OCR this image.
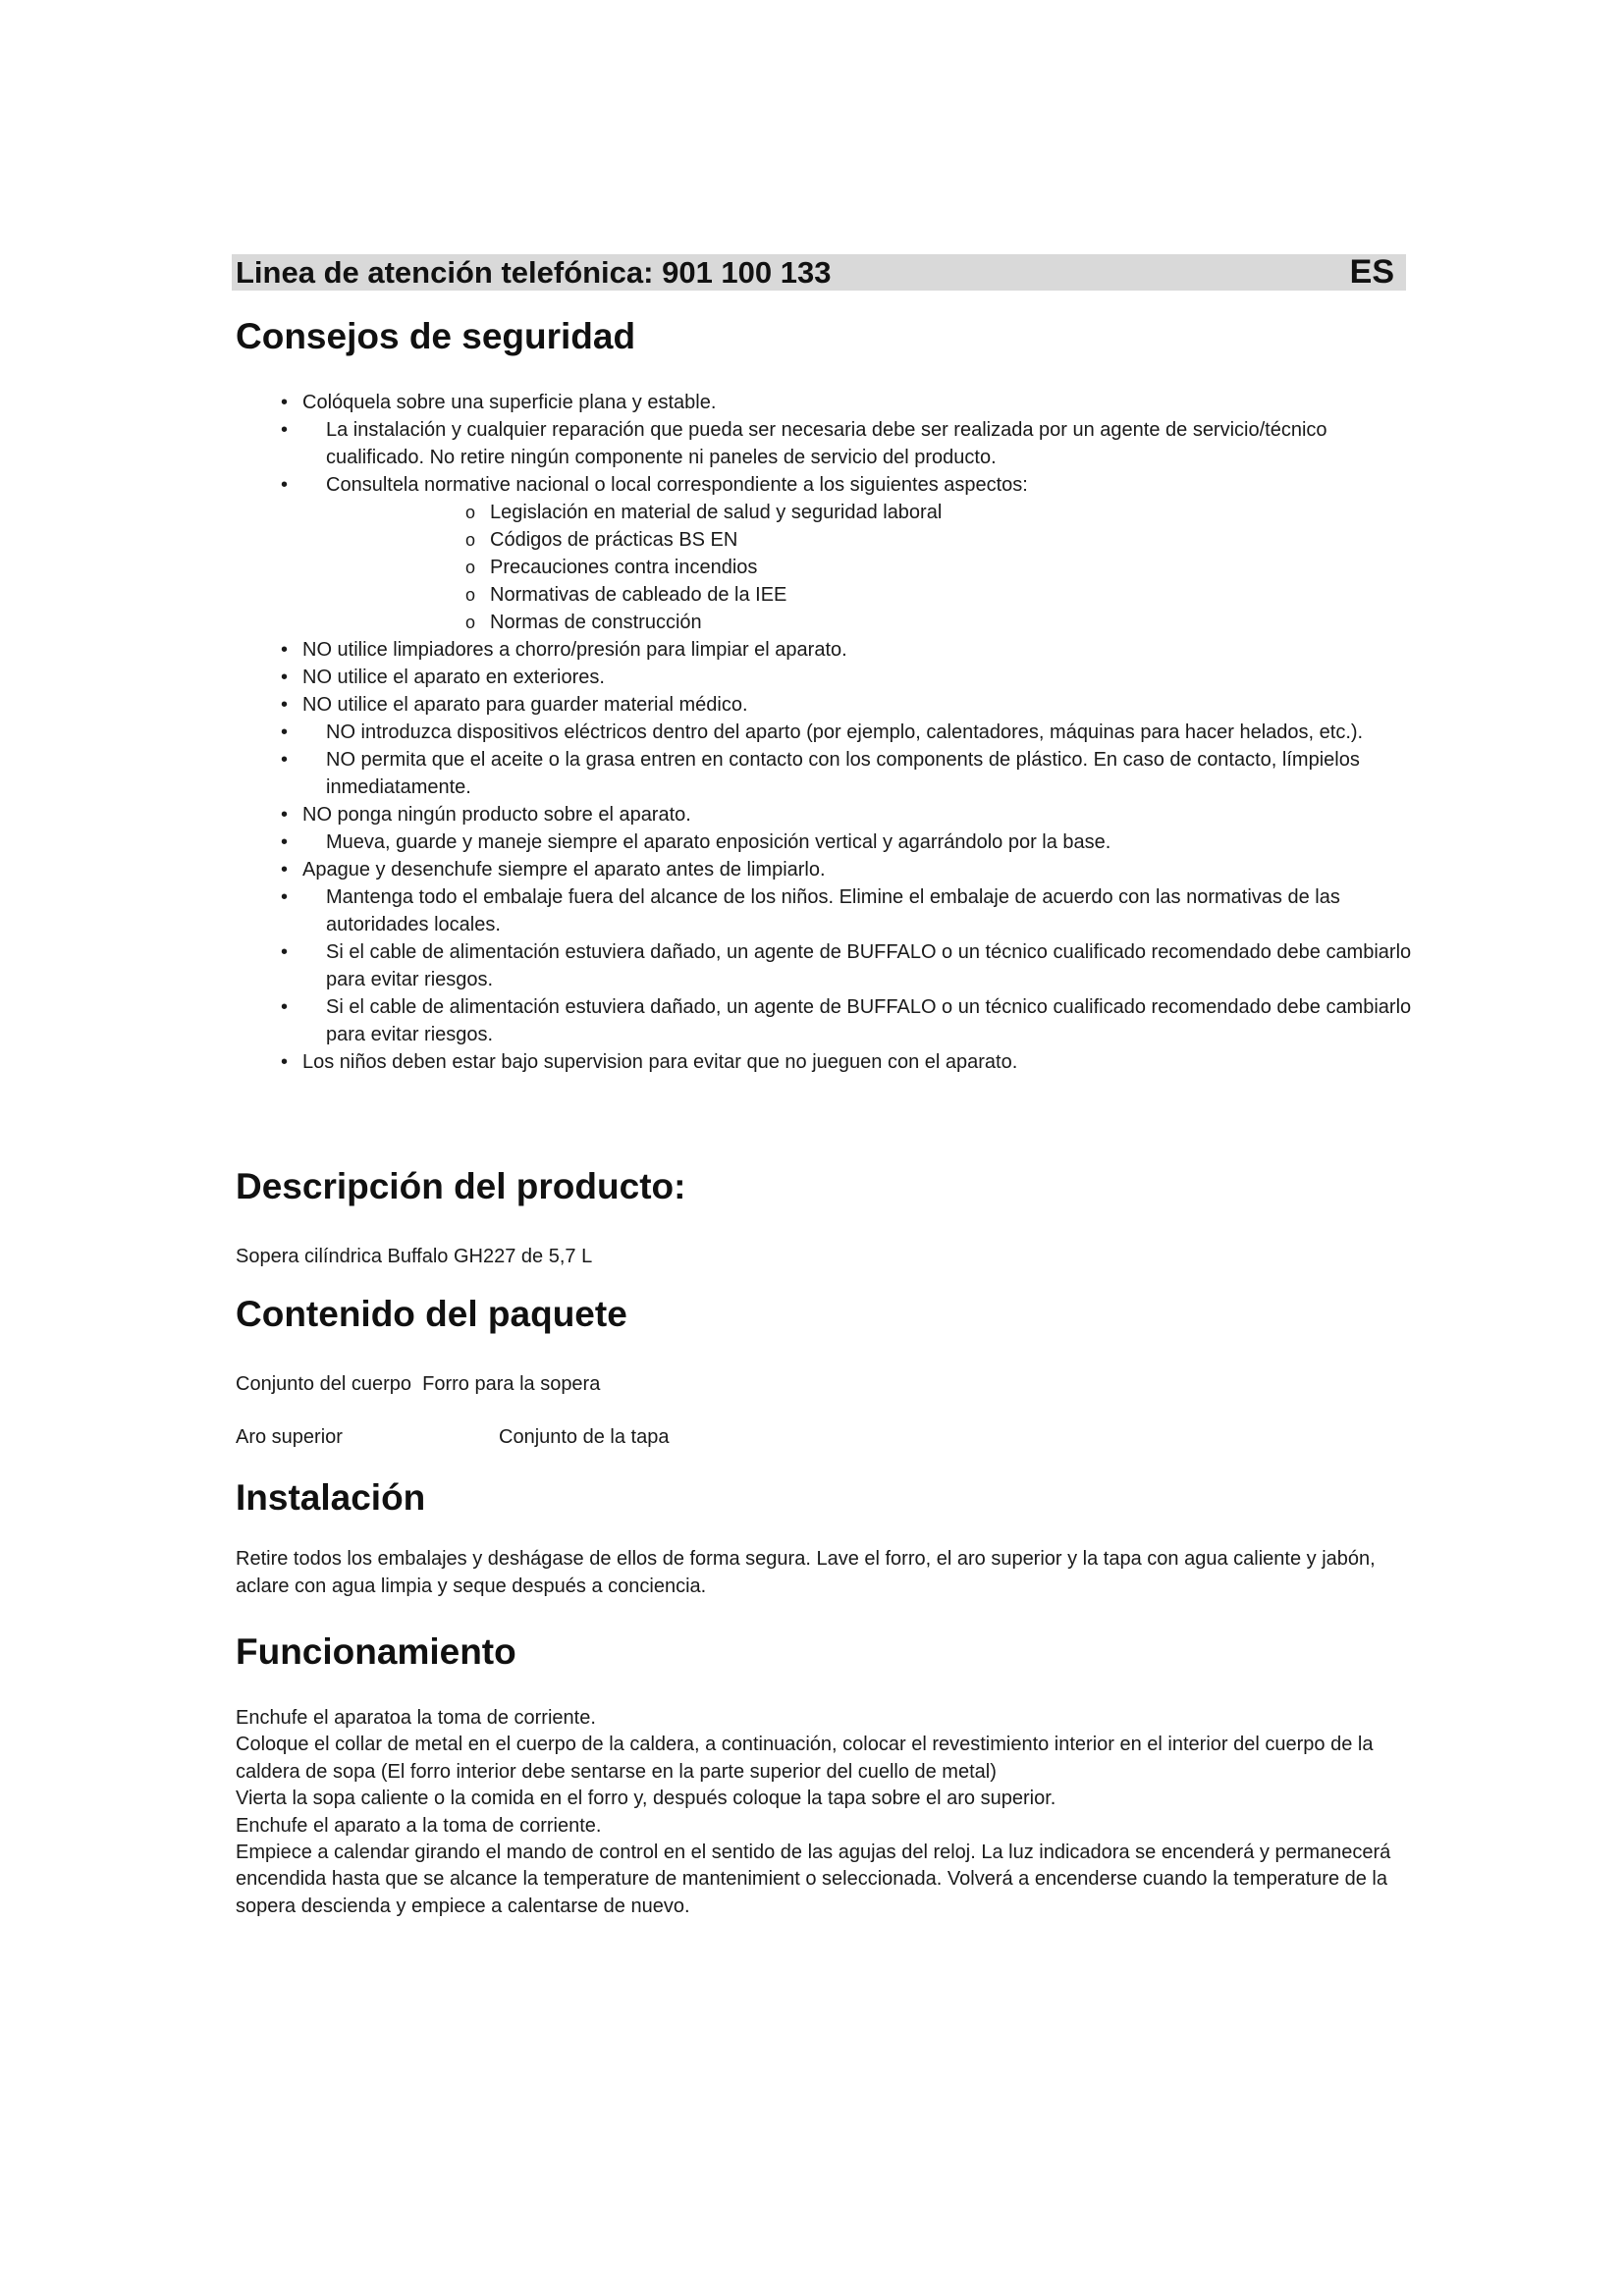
Linea de atención telefónica: 901 100 133	ES
Consejos de seguridad
• Colóquela sobre una superficie plana y estable.
• La instalación y cualquier reparación que pueda ser necesaria debe ser realizada por un agente de servicio/técnico cualificado. No retire ningún componente ni paneles de servicio del producto.
• Consultela normative nacional o local correspondiente a los siguientes aspectos:
o Legislación en material de salud y seguridad laboral
o Códigos de prácticas BS EN
o Precauciones contra incendios
o Normativas de cableado de la IEE
o Normas de construcción
• NO utilice limpiadores a chorro/presión para limpiar el aparato.
• NO utilice el aparato en exteriores.
• NO utilice el aparato para guarder material médico.
• NO introduzca dispositivos eléctricos dentro del aparto (por ejemplo, calentadores, máquinas para hacer helados, etc.).
• NO permita que el aceite o la grasa entren en contacto con los components de plástico. En caso de contacto, límpielos inmediatamente.
• NO ponga ningún producto sobre el aparato.
• Mueva, guarde y maneje siempre el aparato enposición vertical y agarrándolo por la base.
• Apague y desenchufe siempre el aparato antes de limpiarlo.
• Mantenga todo el embalaje fuera del alcance de los niños. Elimine el embalaje de acuerdo con las normativas de las autoridades locales.
• Si el cable de alimentación estuviera dañado, un agente de BUFFALO o un técnico cualificado recomendado debe cambiarlo para evitar riesgos.
• Si el cable de alimentación estuviera dañado, un agente de BUFFALO o un técnico cualificado recomendado debe cambiarlo para evitar riesgos.
• Los niños deben estar bajo supervision para evitar que no jueguen con el aparato.
Descripción del producto:

Sopera cilíndrica Buffalo GH227 de 5,7 L

Contenido del paquete

Conjunto del cuerpo Forro para la sopera

Aro superior	Conjunto de la tapa

Instalación

Retire todos los embalajes y deshágase de ellos de forma segura. Lave el forro, el aro superior y la tapa con agua caliente y jabón, aclare con agua limpia y seque después a conciencia.

Funcionamiento
Enchufe el aparatoa la toma de corriente.
Coloque el collar de metal en el cuerpo de la caldera, a continuación, colocar el revestimiento interior en el interior del cuerpo de la caldera de sopa (El forro interior debe sentarse en la parte superior del cuello de metal)
Vierta la sopa caliente o la comida en el forro y, después coloque la tapa sobre el aro superior.
Enchufe el aparato a la toma de corriente.
Empiece a calendar girando el mando de control en el sentido de las agujas del reloj. La luz indicadora se encenderá y permanecerá encendida hasta que se alcance la temperature de mantenimient o seleccionada. Volverá a encenderse cuando la temperature de la sopera descienda y empiece a calentarse de nuevo.
